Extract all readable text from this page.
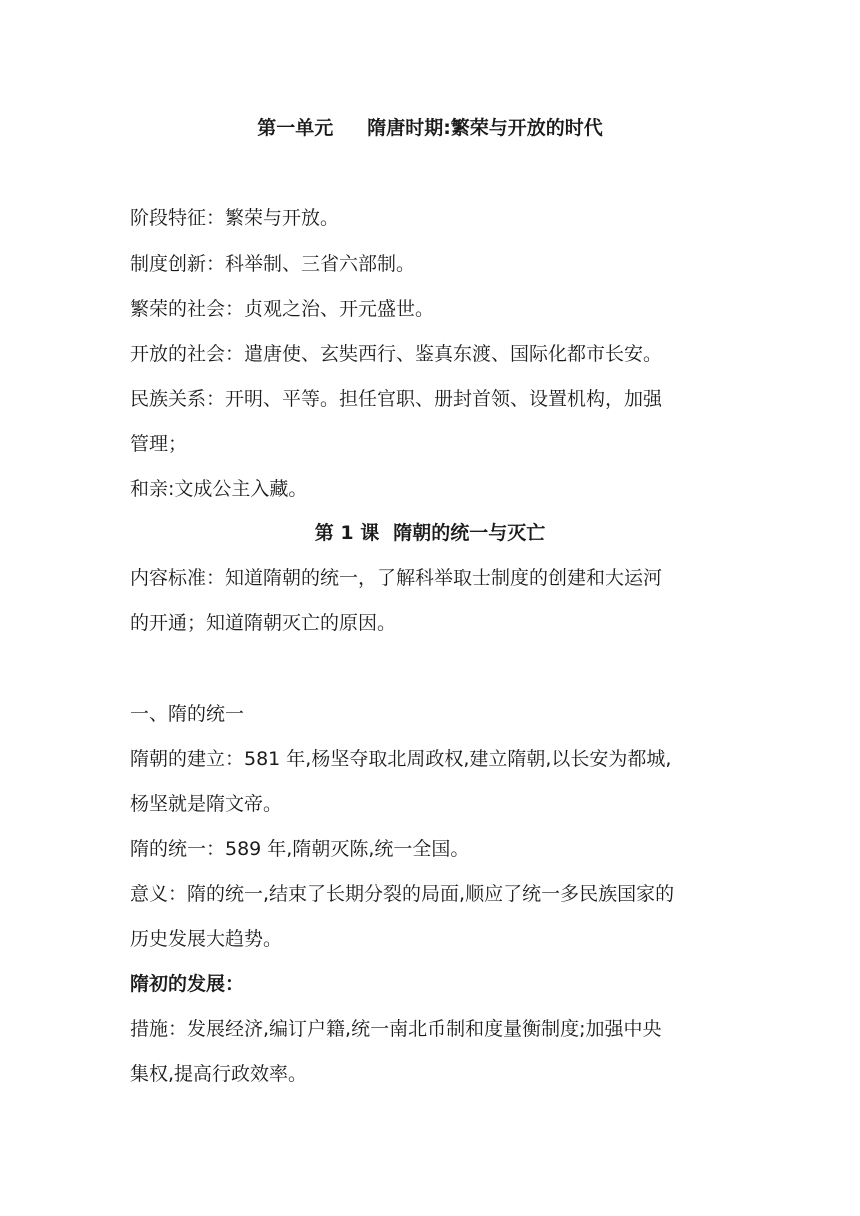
第一单元 隋唐时期:繁荣与开放的时代
阶段特征：繁荣与开放。
制度创新：科举制、三省六部制。
繁荣的社会：贞观之治、开元盛世。
开放的社会：遣唐使、玄奘西行、鉴真东渡、国际化都市长安。
民族关系：开明、平等。担任官职、册封首领、设置机构，加强
管理；
和亲:文成公主入藏。
第 1 课 隋朝的统一与灭亡
内容标准：知道隋朝的统一，了解科举取士制度的创建和大运河
的开通；知道隋朝灭亡的原因。
一、隋的统一
隋朝的建立：581 年,杨坚夺取北周政权,建立隋朝,以长安为都城,
杨坚就是隋文帝。
隋的统一：589 年,隋朝灭陈,统一全国。
意义：隋的统一,结束了长期分裂的局面,顺应了统一多民族国家的
历史发展大趋势。
隋初的发展：
措施：发展经济,编订户籍,统一南北币制和度量衡制度;加强中央
集权,提高行政效率。
